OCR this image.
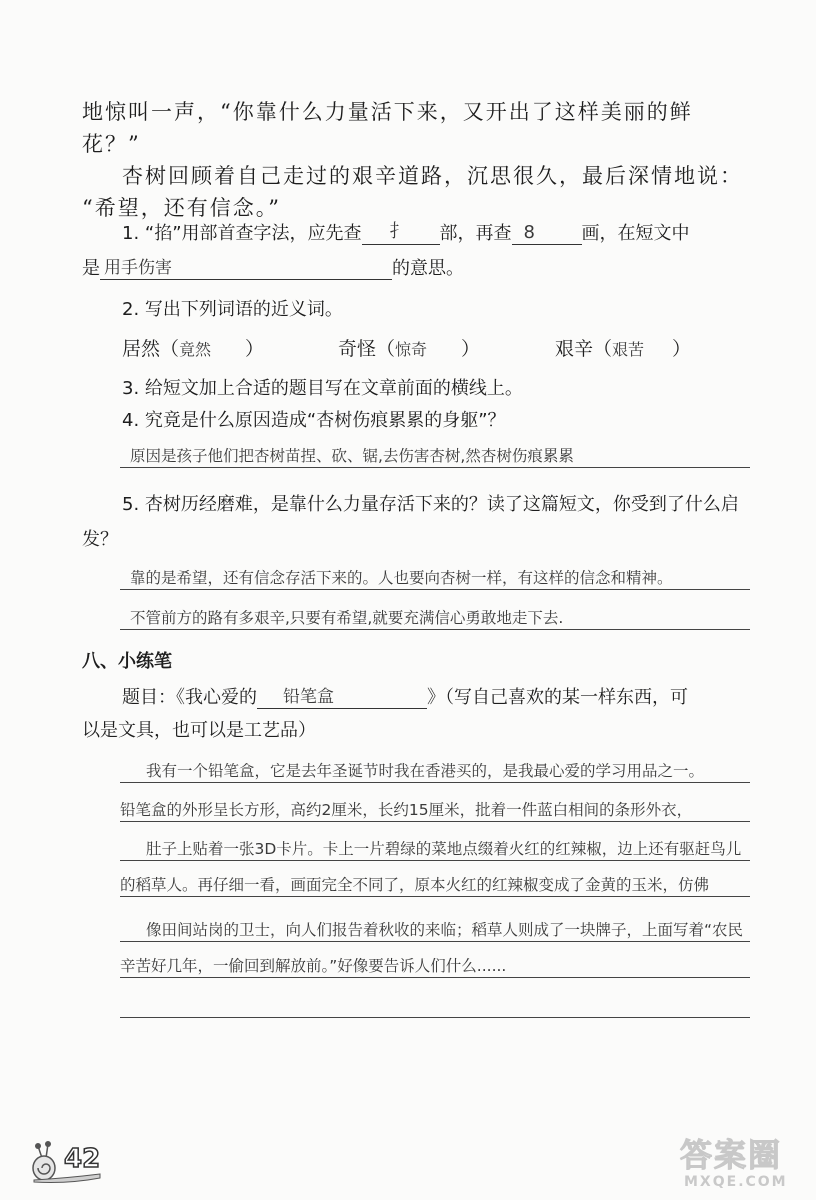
地惊叫一声，“你靠什么力量活下来，又开出了这样美丽的鲜
花？”
杏树回顾着自己走过的艰辛道路，沉思很久，最后深情地说：
“希望，还有信念。”
1. “掐”用部首查字法，应先查 扌 部，再查 8	画，在短文中
是 用手伤害	的意思。
2. 写出下列词语的近义词。
居然（竟然 ）	奇怪（惊奇 ）	艰辛（艰苦 ）
3. 给短文加上合适的题目写在文章前面的横线上。
4. 究竟是什么原因造成“杏树伤痕累累的身躯”？
原因是孩子他们把杏树苗捏、砍、锯,去伤害杏树,然杏树伤痕累累
5. 杏树历经磨难，是靠什么力量存活下来的？读了这篇短文，你受到了什么启
发？
靠的是希望，还有信念存活下来的。人也要向杏树一样，有这样的信念和精神。
不管前方的路有多艰辛,只要有希望,就要充满信心勇敢地走下去.
八、小练笔
题目：《我心爱的 铅笔盒	》（写自己喜欢的某一样东西，可
以是文具，也可以是工艺品）
我有一个铅笔盒，它是去年圣诞节时我在香港买的，是我最心爱的学习用品之一。
铅笔盒的外形呈长方形，高约2厘米，长约15厘米，批着一件蓝白相间的条形外衣，
肚子上贴着一张3D卡片。卡上一片碧绿的菜地点缀着火红的红辣椒，边上还有驱赶鸟儿
的稻草人。再仔细一看，画面完全不同了，原本火红的红辣椒变成了金黄的玉米，仿佛
像田间站岗的卫士，向人们报告着秋收的来临；稻草人则成了一块牌子，上面写着“农民
辛苦好几年，一偷回到解放前。”好像要告诉人们什么......
42	答案圈
MXQE.COM
